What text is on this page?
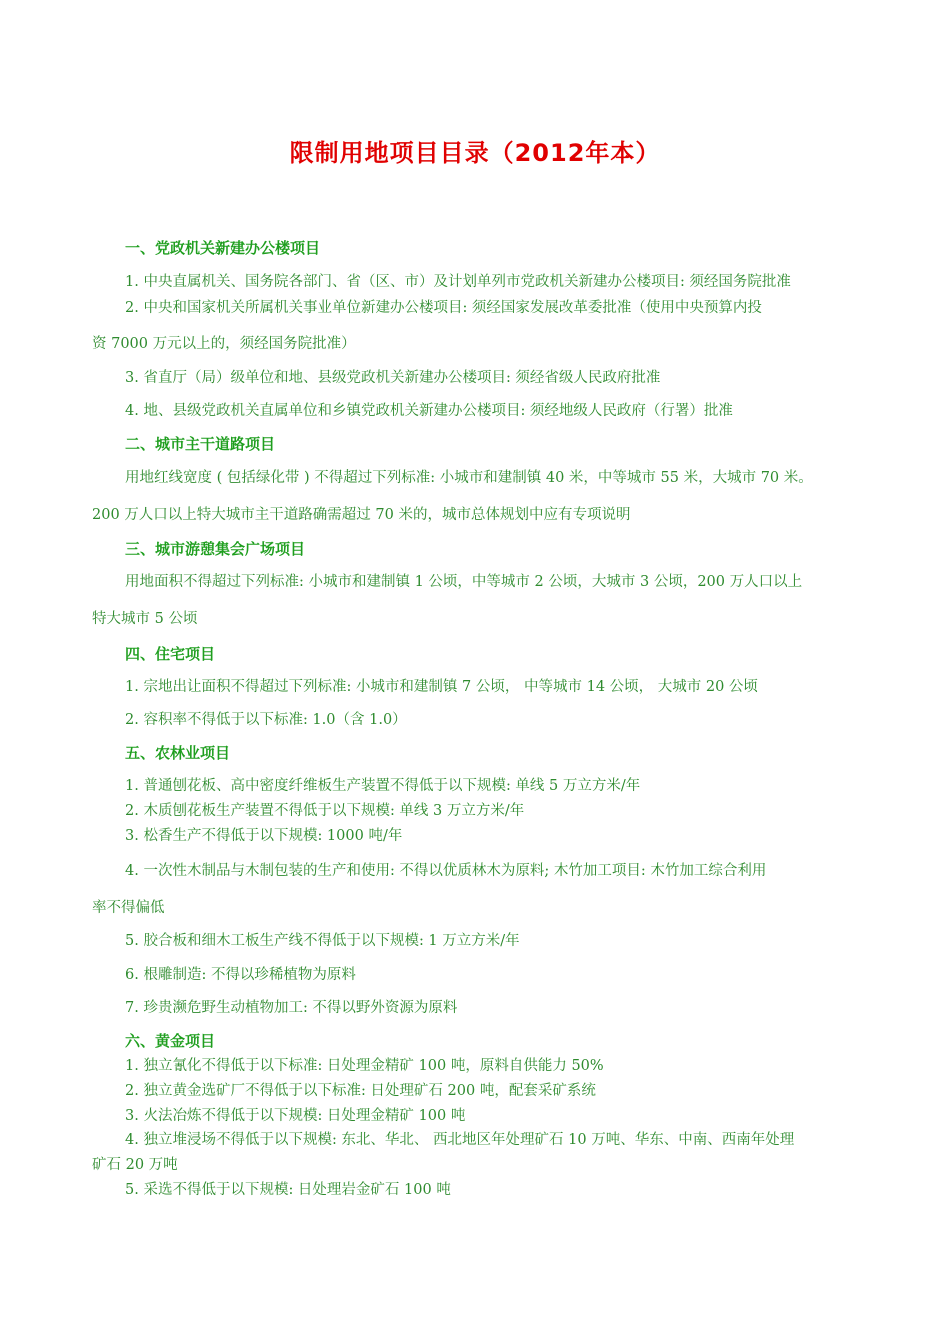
限制用地项目目录（2012年本）
一、党政机关新建办公楼项目
1. 中央直属机关、国务院各部门、省（区、市）及计划单列市党政机关新建办公楼项目: 须经国务院批准
2. 中央和国家机关所属机关事业单位新建办公楼项目: 须经国家发展改革委批准（使用中央预算内投
资 7000 万元以上的，须经国务院批准）
3. 省直厅（局）级单位和地、县级党政机关新建办公楼项目: 须经省级人民政府批准
4. 地、县级党政机关直属单位和乡镇党政机关新建办公楼项目: 须经地级人民政府（行署）批准
二、城市主干道路项目
用地红线宽度 ( 包括绿化带 ) 不得超过下列标准: 小城市和建制镇 40 米，中等城市 55 米，大城市 70 米。
200 万人口以上特大城市主干道路确需超过 70 米的，城市总体规划中应有专项说明
三、城市游憩集会广场项目
用地面积不得超过下列标准: 小城市和建制镇 1 公顷，中等城市 2 公顷，大城市 3 公顷，200 万人口以上
特大城市 5 公顷
四、住宅项目
1. 宗地出让面积不得超过下列标准: 小城市和建制镇 7 公顷， 中等城市 14 公顷， 大城市 20 公顷
2. 容积率不得低于以下标准: 1.0（含 1.0）
五、农林业项目
1. 普通刨花板、高中密度纤维板生产装置不得低于以下规模: 单线 5 万立方米/年
2. 木质刨花板生产装置不得低于以下规模: 单线 3 万立方米/年
3. 松香生产不得低于以下规模: 1000 吨/年
4. 一次性木制品与木制包装的生产和使用: 不得以优质林木为原料; 木竹加工项目: 木竹加工综合利用
率不得偏低
5. 胶合板和细木工板生产线不得低于以下规模: 1 万立方米/年
6. 根雕制造: 不得以珍稀植物为原料
7. 珍贵濒危野生动植物加工: 不得以野外资源为原料
六、黄金项目
1. 独立氰化不得低于以下标准: 日处理金精矿 100 吨，原料自供能力 50%
2. 独立黄金选矿厂不得低于以下标准: 日处理矿石 200 吨，配套采矿系统
3. 火法冶炼不得低于以下规模: 日处理金精矿 100 吨
4. 独立堆浸场不得低于以下规模: 东北、华北、 西北地区年处理矿石 10 万吨、华东、中南、西南年处理
矿石 20 万吨
5. 采选不得低于以下规模: 日处理岩金矿石 100 吨
